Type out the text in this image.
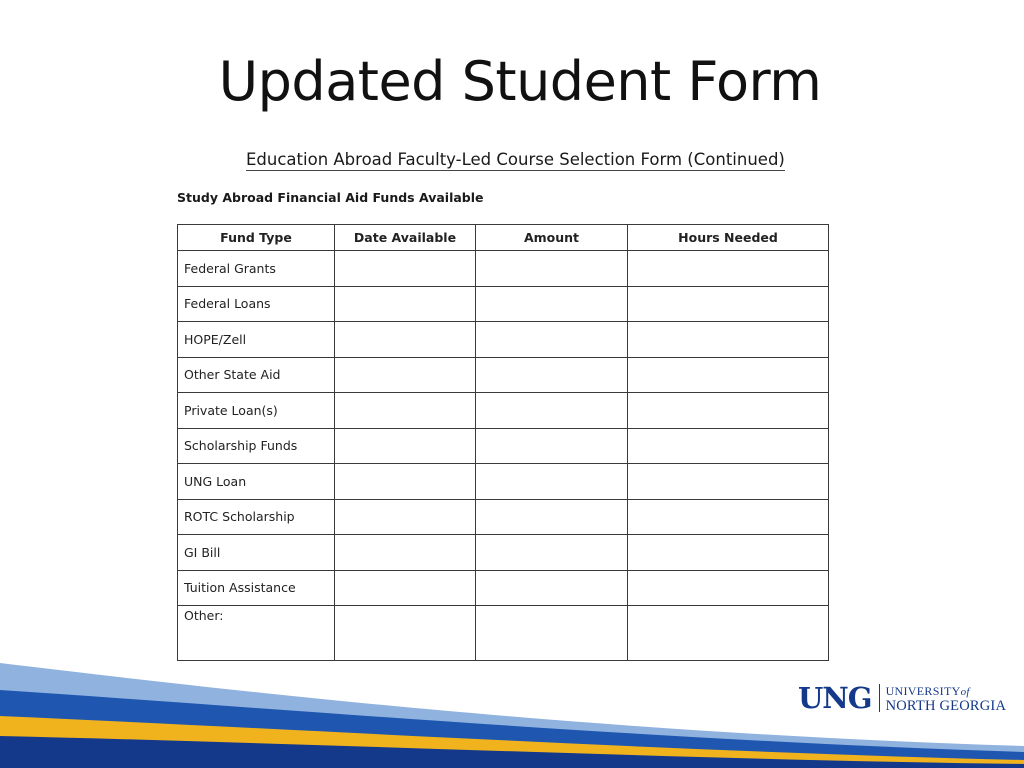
Updated Student Form
Education Abroad Faculty-Led Course Selection Form (Continued)
Study Abroad Financial Aid Funds Available
Fund Type	Date Available	Amount	Hours Needed
Federal Grants			
Federal Loans			
HOPE/Zell			
Other State Aid			
Private Loan(s)			
Scholarship Funds			
UNG Loan			
ROTC Scholarship			
GI Bill			
Tuition Assistance			
Other:			
UNG UNIVERSITYof
NORTH GEORGIA
